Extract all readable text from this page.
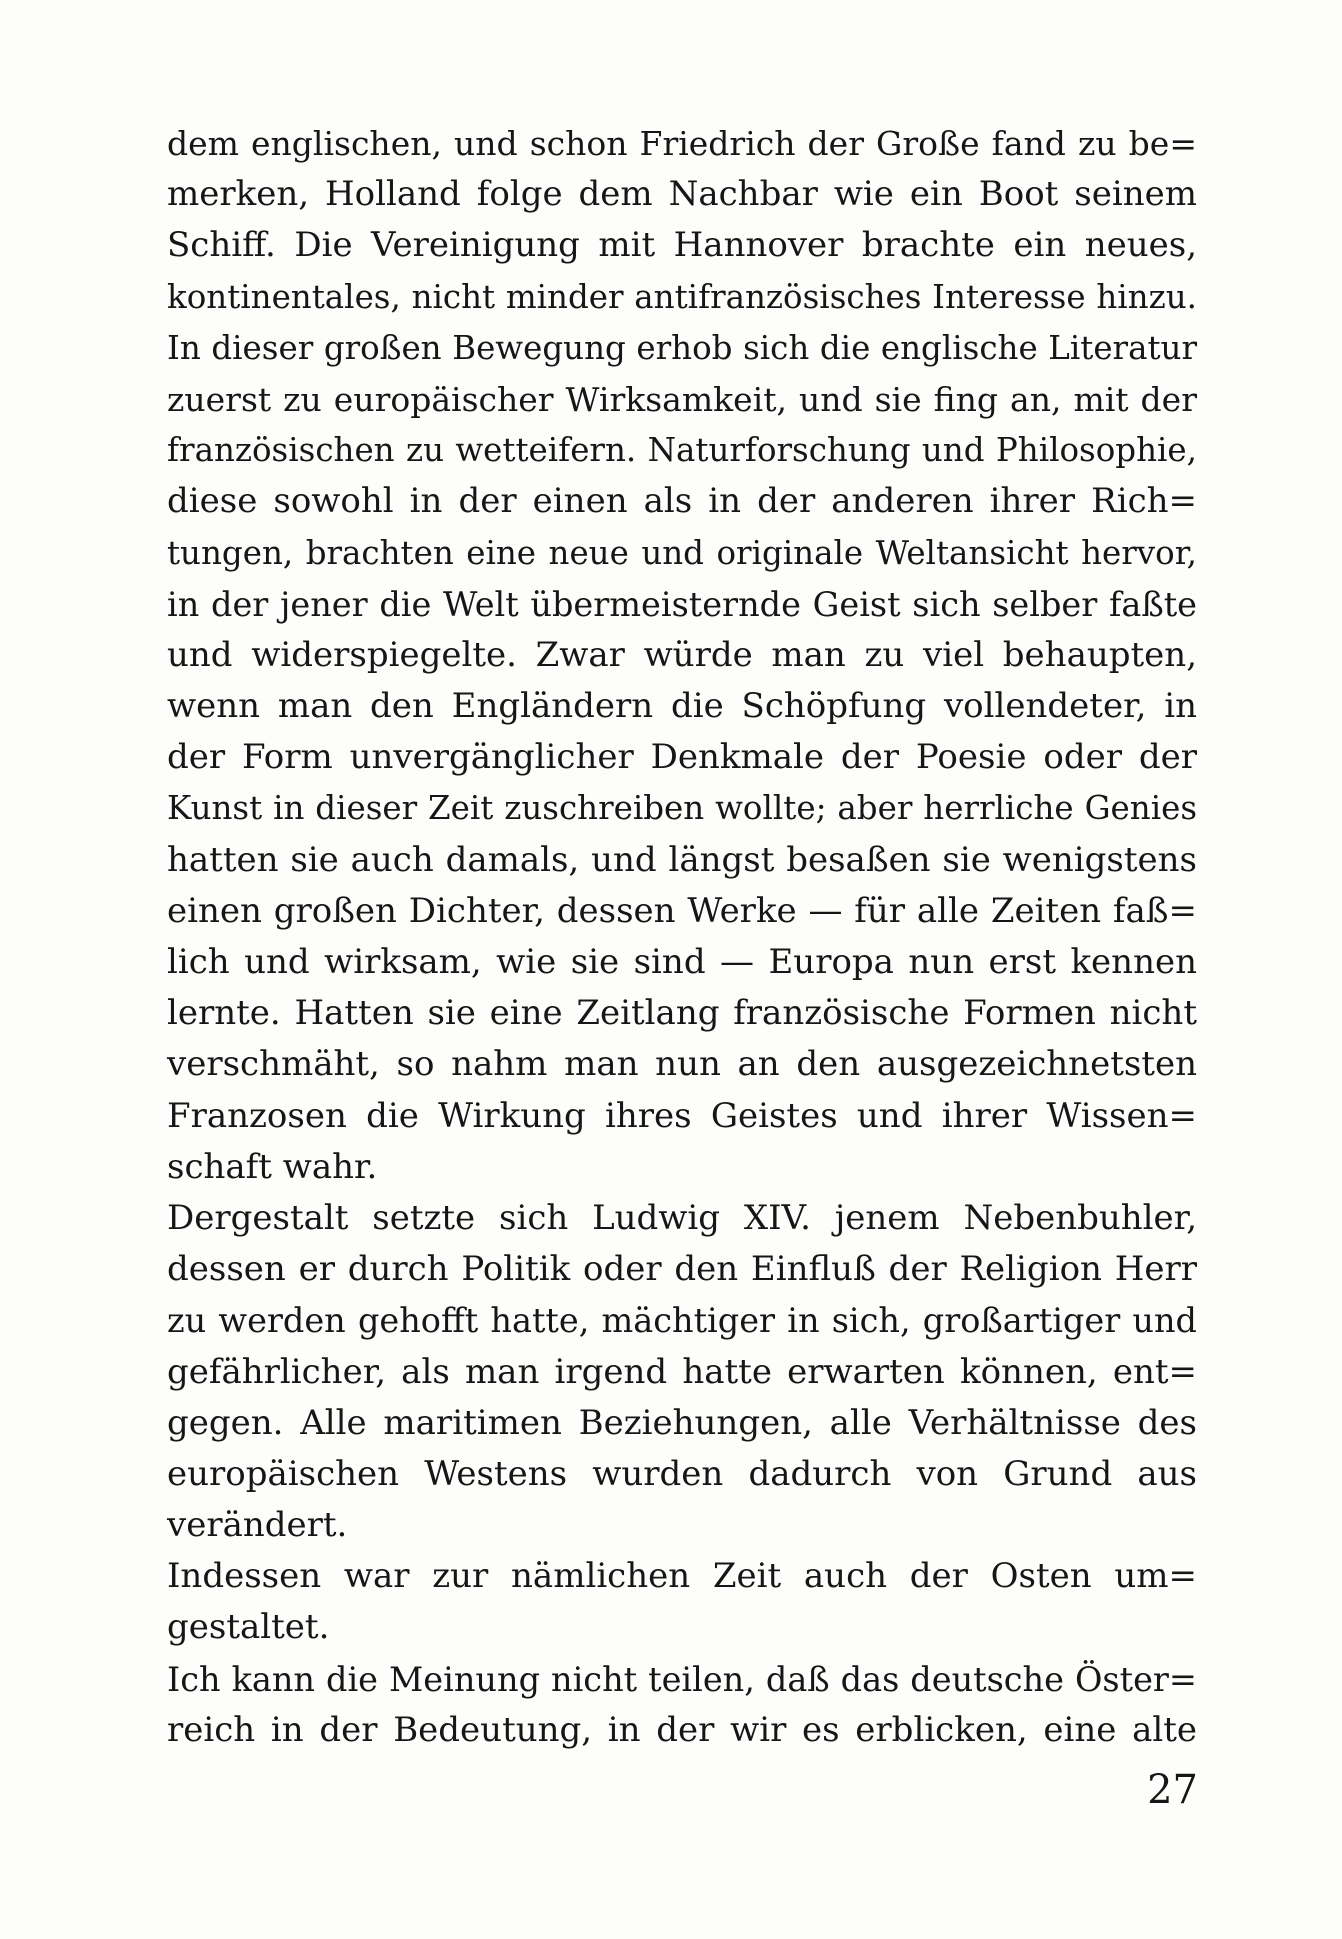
dem englischen, und schon Friedrich der Große fand zu be=
merken, Holland folge dem Nachbar wie ein Boot seinem
Schiff. Die Vereinigung mit Hannover brachte ein neues,
kontinentales, nicht minder antifranzösisches Interesse hinzu.
In dieser großen Bewegung erhob sich die englische Literatur
zuerst zu europäischer Wirksamkeit, und sie fing an, mit der
französischen zu wetteifern. Naturforschung und Philosophie,
diese sowohl in der einen als in der anderen ihrer Rich=
tungen, brachten eine neue und originale Weltansicht hervor,
in der jener die Welt übermeisternde Geist sich selber faßte
und widerspiegelte. Zwar würde man zu viel behaupten,
wenn man den Engländern die Schöpfung vollendeter, in
der Form unvergänglicher Denkmale der Poesie oder der
Kunst in dieser Zeit zuschreiben wollte; aber herrliche Genies
hatten sie auch damals, und längst besaßen sie wenigstens
einen großen Dichter, dessen Werke — für alle Zeiten faß=
lich und wirksam, wie sie sind — Europa nun erst kennen
lernte. Hatten sie eine Zeitlang französische Formen nicht
verschmäht, so nahm man nun an den ausgezeichnetsten
Franzosen die Wirkung ihres Geistes und ihrer Wissen=
schaft wahr.
Dergestalt setzte sich Ludwig XIV. jenem Nebenbuhler,
dessen er durch Politik oder den Einfluß der Religion Herr
zu werden gehofft hatte, mächtiger in sich, großartiger und
gefährlicher, als man irgend hatte erwarten können, ent=
gegen. Alle maritimen Beziehungen, alle Verhältnisse des
europäischen Westens wurden dadurch von Grund aus
verändert.
Indessen war zur nämlichen Zeit auch der Osten um=
gestaltet.
Ich kann die Meinung nicht teilen, daß das deutsche Öster=
reich in der Bedeutung, in der wir es erblicken, eine alte
27
